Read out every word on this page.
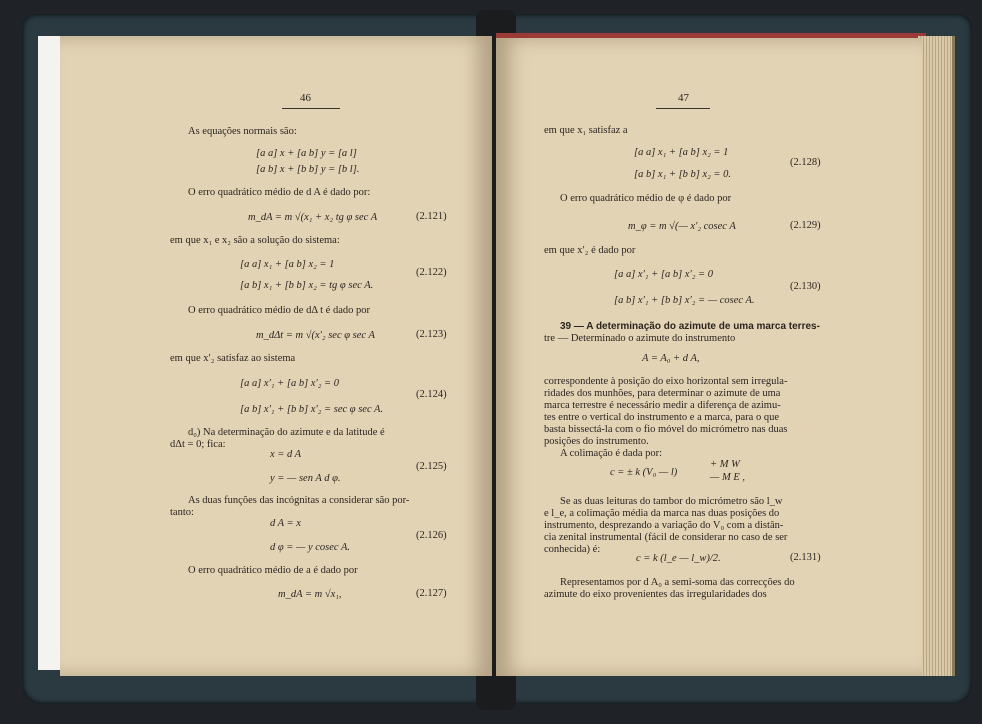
46
As equações normais são:
[a a] x + [a b] y = [a l]
[a b] x + [b b] y = [b l].
O erro quadrático médio de d A é dado por:
m_dA = m √(x₁ + x₂ tg φ sec A	(2.121)
em que x₁ e x₂ são a solução do sistema:
[a a] x₁ + [a b] x₂ = 1
(2.122)
[a b] x₁ + [b b] x₂ = tg φ sec A.
O erro quadrático médio de dΔ t é dado por
m_dΔt = m √(x′₂ sec φ sec A	(2.123)
em que x′₂ satisfaz ao sistema
[a a] x′₁ + [a b] x′₂ = 0
(2.124)
[a b] x′₁ + [b b] x′₂ = sec φ sec A.
d₀) Na determinação do azimute e da latitude é
dΔt = 0; fica:
x = d A
(2.125)
y = — sen A d φ.
As duas funções das incógnitas a considerar são por-
tanto:
d A = x
(2.126)
d φ = — y cosec A.
O erro quadrático médio de a é dado por
m_dA = m √x₁,	(2.127)
47
em que x₁ satisfaz a
[a a] x₁ + [a b] x₂ = 1
(2.128)
[a b] x₁ + [b b] x₂ = 0.
O erro quadrático médio de φ é dado por
m_φ = m √(— x′₂ cosec A	(2.129)
em que x′₂ é dado por
[a a] x′₁ + [a b] x′₂ = 0
(2.130)
[a b] x′₁ + [b b] x′₂ = — cosec A.
39 — A determinação do azimute de uma marca terres-
tre — Determinado o azimute do instrumento
A = A₀ + d A,
correspondente à posição do eixo horizontal sem irregula-
ridades dos munhões, para determinar o azimute de uma
marca terrestre é necessário medir a diferença de azimu-
tes entre o vertical do instrumento e a marca, para o que
basta bissectá-la com o fio móvel do micrómetro nas duas
posições do instrumento.
A colimação é dada por:
c = ± k (V₀ — l)
+ M W
— M E ,
Se as duas leituras do tambor do micrómetro são l_w
e l_e, a colimação média da marca nas duas posições do
instrumento, desprezando a variação do V₀ com a distân-
cia zenital instrumental (fácil de considerar no caso de ser
conhecida) é:
c = k (l_e — l_w)/2.	(2.131)
Representamos por d A₀ a semi-soma das correcções do
azimute do eixo provenientes das irregularidades dos
